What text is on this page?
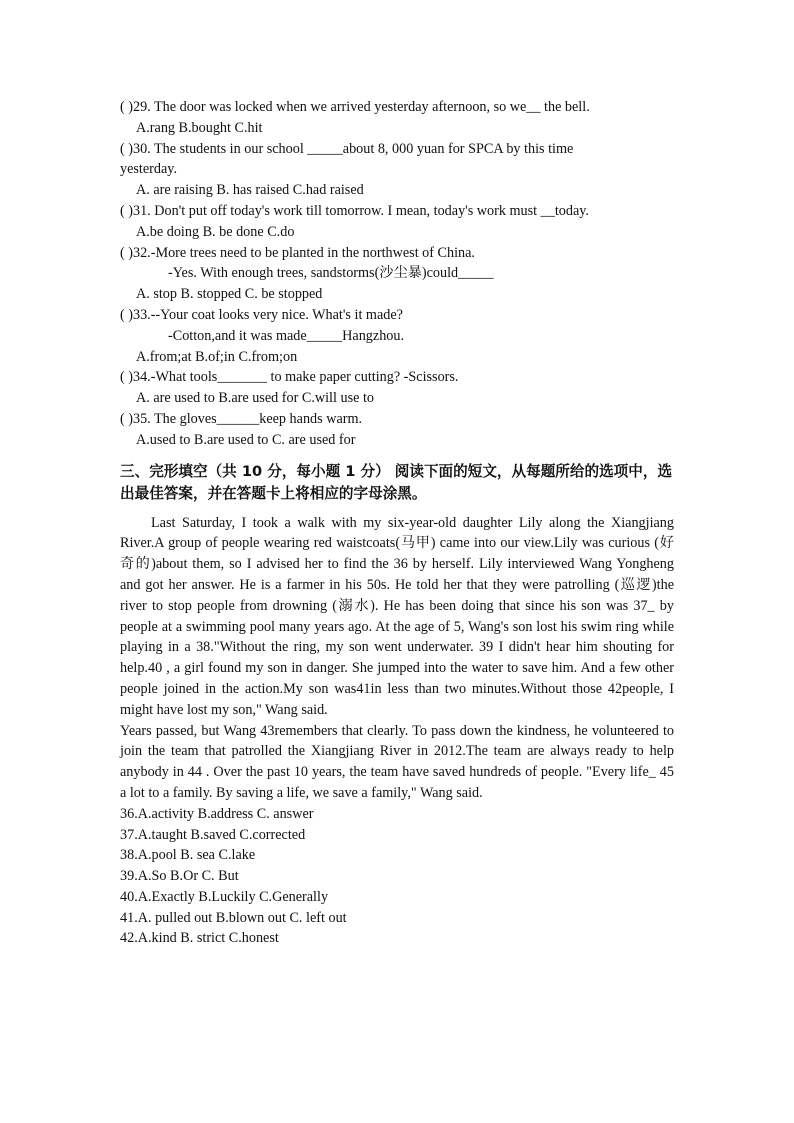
( )29. The door was locked when we arrived yesterday afternoon, so we__ the bell.
A.rang B.bought C.hit
( )30. The students in our school _____about 8, 000 yuan for SPCA by this time
yesterday.
A. are raising B. has raised C.had raised
( )31. Don't put off today's work till tomorrow. I mean, today's work must __today.
A.be doing B. be done C.do
( )32.-More trees need to be planted in the northwest of China.
-Yes. With enough trees, sandstorms(沙尘暴)could_____
A. stop B. stopped C. be stopped
( )33.--Your coat looks very nice. What's it made?
-Cotton,and it was made_____Hangzhou.
A.from;at B.of;in C.from;on
( )34.-What tools_______ to make paper cutting? -Scissors.
A. are used to B.are used for C.will use to
( )35. The gloves______keep hands warm.
A.used to B.are used to C. are used for
三、完形填空（共 10 分，每小题 1 分） 阅读下面的短文，从每题所给的选项中，选出最佳答案，并在答题卡上将相应的字母涂黑。

Last Saturday, I took a walk with my six-year-old daughter Lily along the Xiangjiang River.A group of people wearing red waistcoats(马甲) came into our view.Lily was curious (好奇的)about them, so I advised her to find the 36 by herself. Lily interviewed Wang Yongheng and got her answer. He is a farmer in his 50s. He told her that they were patrolling (巡逻)the river to stop people from drowning (溺水). He has been doing that since his son was 37_ by people at a swimming pool many years ago. At the age of 5, Wang's son lost his swim ring while playing in a 38."Without the ring, my son went underwater. 39 I didn't hear him shouting for help.40 , a girl found my son in danger. She jumped into the water to save him. And a few other people joined in the action.My son was41in less than two minutes.Without those 42people, I might have lost my son," Wang said.

Years passed, but Wang 43remembers that clearly. To pass down the kindness, he volunteered to join the team that patrolled the Xiangjiang River in 2012.The team are always ready to help anybody in 44 . Over the past 10 years, the team have saved hundreds of people. "Every life_ 45 a lot to a family. By saving a life, we save a family," Wang said.

36.A.activity B.address C. answer
37.A.taught B.saved C.corrected
38.A.pool B. sea C.lake
39.A.So B.Or C. But
40.A.Exactly B.Luckily C.Generally
41.A. pulled out B.blown out C. left out
42.A.kind B. strict C.honest
